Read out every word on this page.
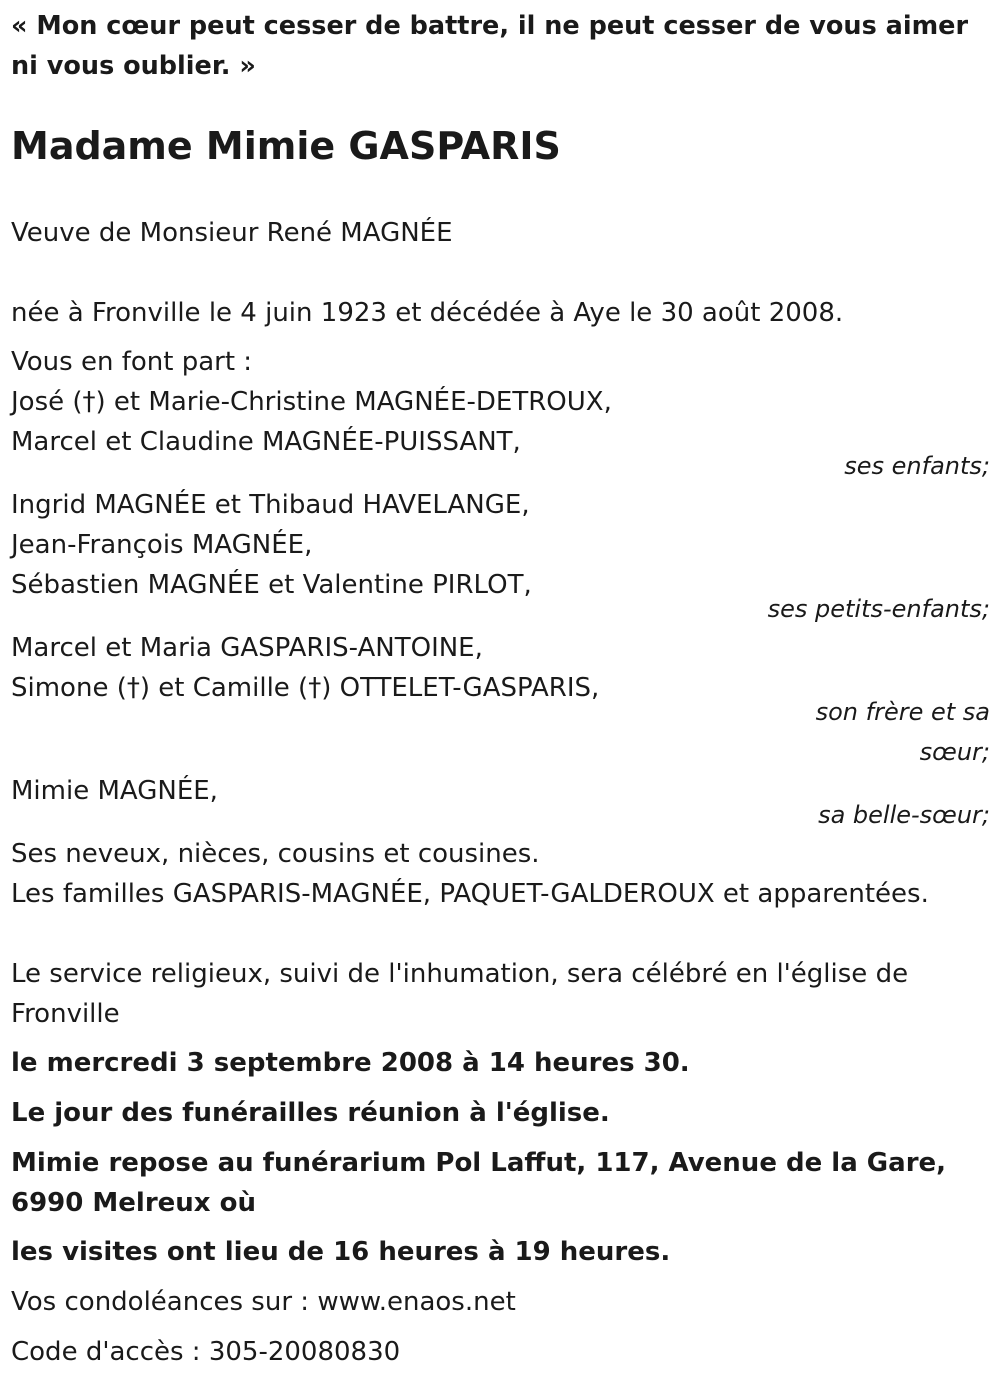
« Mon cœur peut cesser de battre, il ne peut cesser de vous aimer ni vous oublier. »
Madame Mimie GASPARIS
Veuve de Monsieur René MAGNÉE
née à Fronville le 4 juin 1923 et décédée à Aye le 30 août 2008.
Vous en font part :
José (†) et Marie-Christine MAGNÉE-DETROUX,
Marcel et Claudine MAGNÉE-PUISSANT,
ses enfants;
Ingrid MAGNÉE et Thibaud HAVELANGE,
Jean-François MAGNÉE,
Sébastien MAGNÉE et Valentine PIRLOT,
ses petits-enfants;
Marcel et Maria GASPARIS-ANTOINE,
Simone (†) et Camille (†) OTTELET-GASPARIS,
son frère et sa
sœur;
Mimie MAGNÉE,
sa belle-sœur;
Ses neveux, nièces, cousins et cousines.
Les familles GASPARIS-MAGNÉE, PAQUET-GALDEROUX et apparentées.
Le service religieux, suivi de l'inhumation, sera célébré en l'église de Fronville
le mercredi 3 septembre 2008 à 14 heures 30.
Le jour des funérailles réunion à l'église.
Mimie repose au funérarium Pol Laffut, 117, Avenue de la Gare, 6990 Melreux où
les visites ont lieu de 16 heures à 19 heures.
Vos condoléances sur : www.enaos.net
Code d'accès : 305-20080830
